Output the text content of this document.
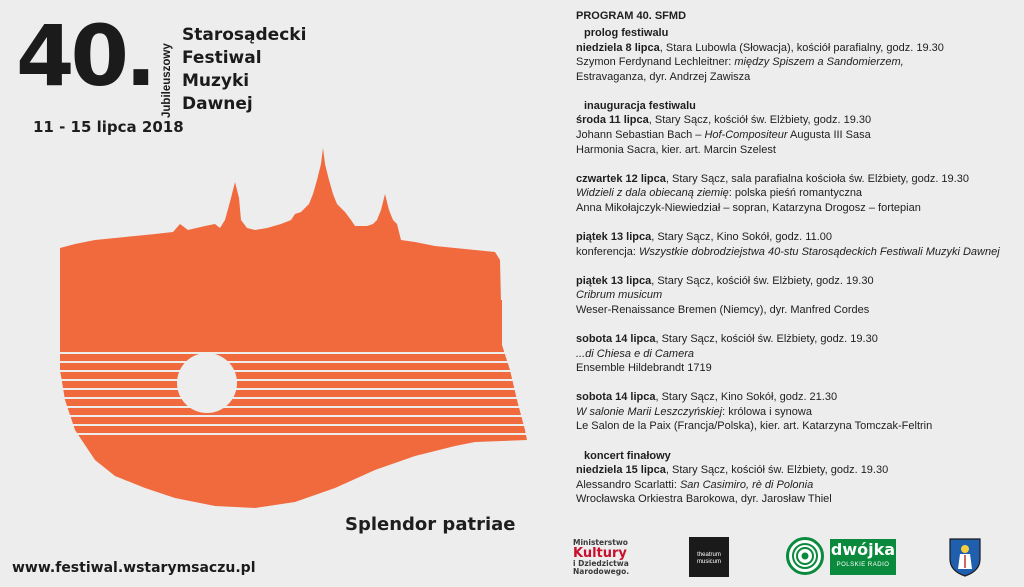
40. Jubileuszowy
Starosądecki
Festiwal
Muzyki
Dawnej
11 - 15 lipca 2018
Splendor patriae
www.festiwal.wstarymsaczu.pl
PROGRAM 40. SFMD
prolog festiwalu
niedziela 8 lipca, Stara Lubowla (Słowacja), kościół parafialny, godz. 19.30
Szymon Ferdynand Lechleitner: między Spiszem a Sandomierzem,
Estravaganza, dyr. Andrzej Zawisza
inauguracja festiwalu
środa 11 lipca, Stary Sącz, kościół św. Elżbiety, godz. 19.30
Johann Sebastian Bach – Hof-Compositeur Augusta III Sasa
Harmonia Sacra, kier. art. Marcin Szelest
czwartek 12 lipca, Stary Sącz, sala parafialna kościoła św. Elżbiety, godz. 19.30
Widzieli z dala obiecaną ziemię: polska pieśń romantyczna
Anna Mikołajczyk-Niewiedział – sopran, Katarzyna Drogosz – fortepian
piątek 13 lipca, Stary Sącz, Kino Sokół, godz. 11.00
konferencja: Wszystkie dobrodziejstwa 40-stu Starosądeckich Festiwali Muzyki Dawnej
piątek 13 lipca, Stary Sącz, kościół św. Elżbiety, godz. 19.30
Cribrum musicum
Weser-Renaissance Bremen (Niemcy), dyr. Manfred Cordes
sobota 14 lipca, Stary Sącz, kościół św. Elżbiety, godz. 19.30
...di Chiesa e di Camera
Ensemble Hildebrandt 1719
sobota 14 lipca, Stary Sącz, Kino Sokół, godz. 21.30
W salonie Marii Leszczyńskiej: królowa i synowa
Le Salon de la Paix (Francja/Polska), kier. art. Katarzyna Tomczak-Feltrin
koncert finałowy
niedziela 15 lipca, Stary Sącz, kościół św. Elżbiety, godz. 19.30
Alessandro Scarlatti: San Casimiro, rè di Polonia
Wrocławska Orkiestra Barokowa, dyr. Jarosław Thiel
Ministerstwo
Kultury
i Dziedzictwa
Narodowego.
theatrum
musicum
dwójka
POLSKIE RADIO
